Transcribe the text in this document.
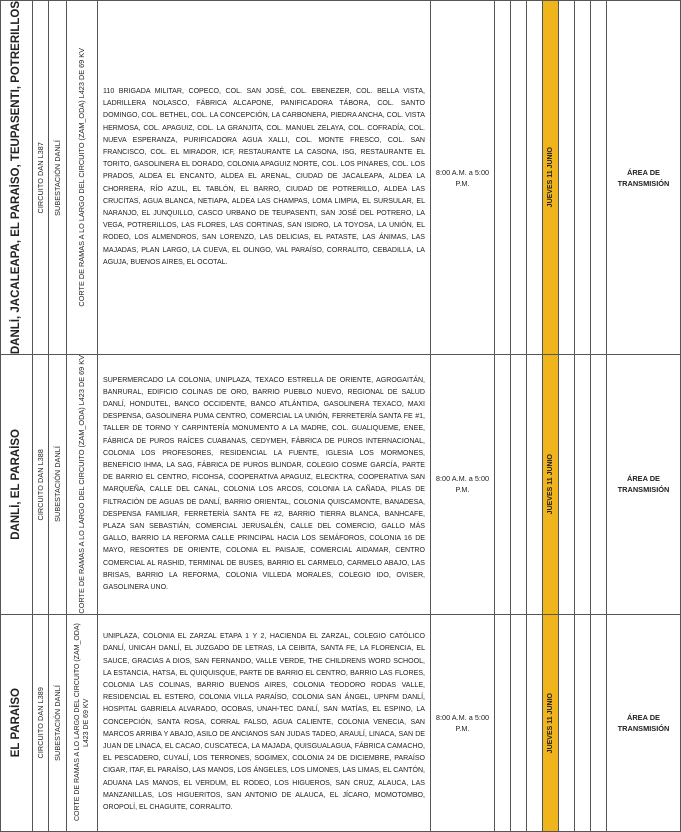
DANLÍ, JACALEAPA, EL PARAÍSO, TEUPASENTI, POTRERILLOS	CIRCUITO DAN L387	SUBESTACIÓN DANLÍ	CORTE DE RAMAS A LO LARGO DEL CIRCUITO (ZAM_ODA) L423 DE 69 KV	110 BRIGADA MILITAR, COPECO, COL. SAN JOSÉ, COL. EBENEZER, COL. BELLA VISTA, LADRILLERA NOLASCO, FÁBRICA ALCAPONE, PANIFICADORA TÁBORA, COL. SANTO DOMINGO, COL. BETHEL, COL. LA CONCEPCIÓN, LA CARBONERA, PIEDRA ANCHA, COL. VISTA HERMOSA, COL. APAGUIZ, COL. LA GRANJITA, COL. MANUEL ZELAYA, COL. COFRADÍA, COL. NUEVA ESPERANZA, PURIFICADORA AGUA XALLI, COL. MONTE FRESCO, COL. SAN FRANCISCO, COL. EL MIRADOR, ICF, RESTAURANTE LA CASONA, ISG, RESTAURANTE EL TORITO, GASOLINERA EL DORADO, COLONIA APAGUIZ NORTE, COL. LOS PINARES, COL. LOS PRADOS, ALDEA EL ENCANTO, ALDEA EL ARENAL, CIUDAD DE JACALEAPA, ALDEA LA CHORRERA, RÍO AZUL, EL TABLÓN, EL BARRO, CIUDAD DE POTRERILLO, ALDEA LAS CRUCITAS, AGUA BLANCA, NETIAPA, ALDEA LAS CHAMPAS, LOMA LIMPIA, EL SURSULAR, EL NARANJO, EL JUNQUILLO, CASCO URBANO DE TEUPASENTI, SAN JOSÉ DEL POTRERO, LA VEGA, POTRERILLOS, LAS FLORES, LAS CORTINAS, SAN ISIDRO, LA TOYOSA, LA UNIÓN, EL RODEO, LOS ALMENDROS, SAN LORENZO, LAS DELICIAS, EL PATASTE, LAS ÁNIMAS, LAS MAJADAS, PLAN LARGO, LA CUEVA, EL OLINGO, VAL PARAÍSO, CORRALITO, CEBADILLA, LA AGUJA, BUENOS AIRES, EL OCOTAL.	8:00 A.M. a 5:00 P.M.				JUEVES 11 JUNIO				ÁREA DE TRANSMISIÓN

DANLÍ, EL PARAÍSO	CIRCUITO DAN L388	SUBESTACIÓN DANLÍ	CORTE DE RAMAS A LO LARGO DEL CIRCUITO (ZAM_ODA) L423 DE 69 KV	SUPERMERCADO LA COLONIA, UNIPLAZA, TEXACO ESTRELLA DE ORIENTE, AGROGAITÁN, BANRURAL, EDIFICIO COLINAS DE ORO, BARRIO PUEBLO NUEVO, REGIONAL DE SALUD DANLÍ, HONDUTEL, BANCO OCCIDENTE, BANCO ATLÁNTIDA, GASOLINERA TEXACO, MAXI DESPENSA, GASOLINERA PUMA CENTRO, COMERCIAL LA UNIÓN, FERRETERÍA SANTA FE #1, TALLER DE TORNO Y CARPINTERÍA MONUMENTO A LA MADRE, COL. GUALIQUEME, ENEE, FÁBRICA DE PUROS RAÍCES CUABANAS, CEDYMEH, FÁBRICA DE PUROS INTERNACIONAL, COLONIA LOS PROFESORES, RESIDENCIAL LA FUENTE, IGLESIA LOS MORMONES, BENEFICIO IHMA, LA SAG, FÁBRICA DE PUROS BLINDAR, COLEGIO COSME GARCÍA, PARTE DE BARRIO EL CENTRO, FICOHSA, COOPERATIVA APAGUIZ, ELECKTRA, COOPERATIVA SAN MARQUEÑA, CALLE DEL CANAL, COLONIA LOS ARCOS, COLONIA LA CAÑADA, PILAS DE FILTRACIÓN DE AGUAS DE DANLÍ, BARRIO ORIENTAL, COLONIA QUISCAMONTE, BANADESA, DESPENSA FAMILIAR, FERRETERÍA SANTA FE #2, BARRIO TIERRA BLANCA, BANHCAFE, PLAZA SAN SEBASTIÁN, COMERCIAL JERUSALÉN, CALLE DEL COMERCIO, GALLO MÁS GALLO, BARRIO LA REFORMA CALLE PRINCIPAL HACIA LOS SEMÁFOROS, COLONIA 16 DE MAYO, RESORTES DE ORIENTE, COLONIA EL PAISAJE, COMERCIAL AIDAMAR, CENTRO COMERCIAL AL RASHID, TERMINAL DE BUSES, BARRIO EL CARMELO, CARMELO ABAJO, LAS BRISAS, BARRIO LA REFORMA, COLONIA VILLEDA MORALES, COLEGIO IDO, OVISER, GASOLINERA UNO.	8:00 A.M. a 5:00 P.M.				JUEVES 11 JUNIO				ÁREA DE TRANSMISIÓN

EL PARAÍSO	CIRCUITO DAN L389	SUBESTACIÓN DANLÍ	CORTE DE RAMAS A LO LARGO DEL CIRCUITO (ZAM_ODA) L423 DE 69 KV	UNIPLAZA, COLONIA EL ZARZAL ETAPA 1 Y 2, HACIENDA EL ZARZAL, COLEGIO CATÓLICO DANLÍ, UNICAH DANLÍ, EL JUZGADO DE LETRAS, LA CEIBITA, SANTA FE, LA FLORENCIA, EL SAUCE, GRACIAS A DIOS, SAN FERNANDO, VALLE VERDE, THE CHILDRENS WORD SCHOOL, LA ESTANCIA, HATSA, EL QUIQUISQUE, PARTE DE BARRIO EL CENTRO, BARRIO LAS FLORES, COLONIA LAS COLINAS, BARRIO BUENOS AIRES, COLONIA TEODORO RODAS VALLE, RESIDENCIAL EL ESTERO, COLONIA VILLA PARAÍSO, COLONIA SAN ÁNGEL, UPNFM DANLÍ, HOSPITAL GABRIELA ALVARADO, OCOBAS, UNAH-TEC DANLÍ, SAN MATÍAS, EL ESPINO, LA CONCEPCIÓN, SANTA ROSA, CORRAL FALSO, AGUA CALIENTE, COLONIA VENECIA, SAN MARCOS ARRIBA Y ABAJO, ASILO DE ANCIANOS SAN JUDAS TADEO, ARAULÍ, LINACA, SAN DE JUAN DE LINACA, EL CACAO, CUSCATECA, LA MAJADA, QUISGUALAGUA, FÁBRICA CAMACHO, EL PESCADERO, CUYALÍ, LOS TERRONES, SOGIMEX, COLONIA 24 DE DICIEMBRE, PARAÍSO CIGAR, ITAF, EL PARAÍSO, LAS MANOS, LOS ÁNGELES, LOS LIMONES, LAS LIMAS, EL CANTÓN, ADUANA LAS MANOS, EL VERDUM, EL RODEO, LOS HIGUEROS, SAN CRUZ, ALAUCA, LAS MANZANILLAS, LOS HIGUERITOS, SAN ANTONIO DE ALAUCA, EL JÍCARO, MOMOTOMBO, OROPOLÍ, EL CHAGUITE, CORRALITO.	8:00 A.M. a 5:00 P.M.				JUEVES 11 JUNIO				ÁREA DE TRANSMISIÓN
